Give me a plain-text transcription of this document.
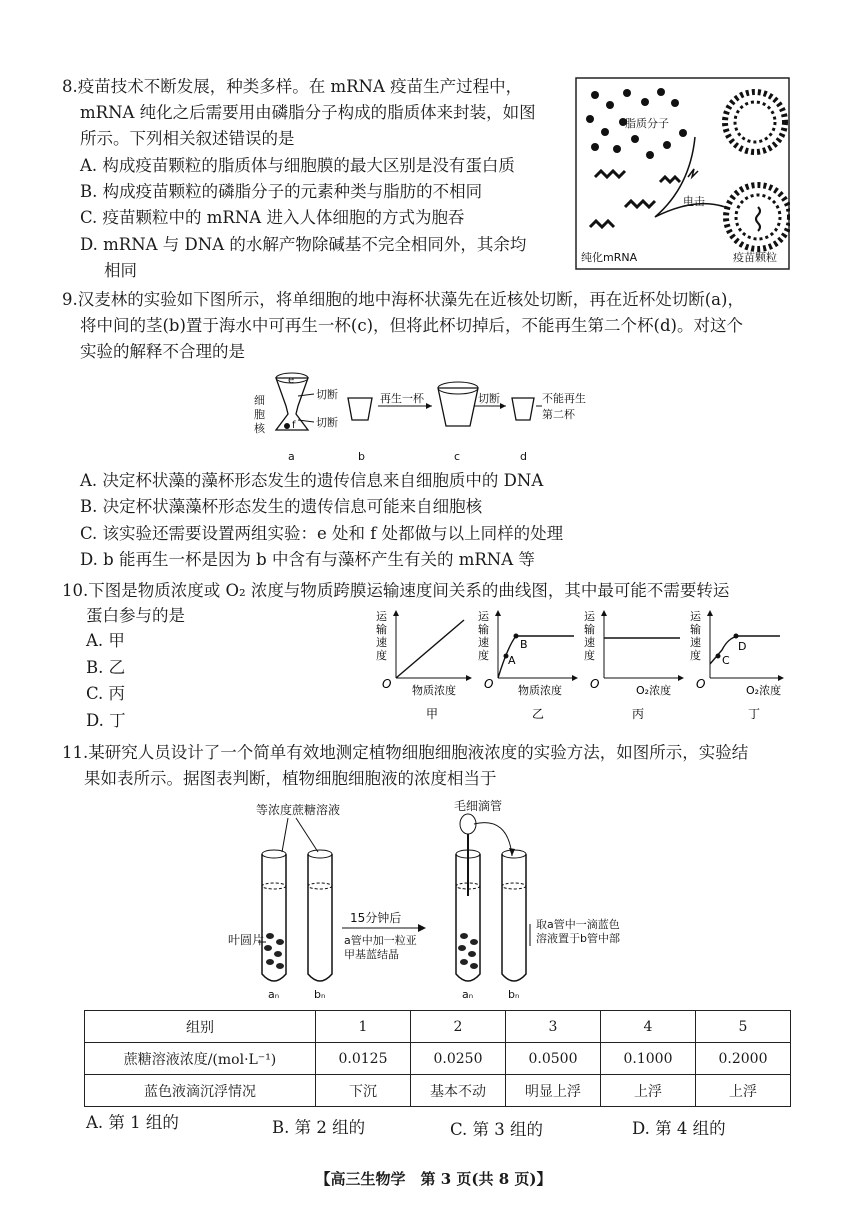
8.疫苗技术不断发展，种类多样。在 mRNA 疫苗生产过程中，
mRNA 纯化之后需要用由磷脂分子构成的脂质体来封装，如图
所示。下列相关叙述错误的是
A. 构成疫苗颗粒的脂质体与细胞膜的最大区别是没有蛋白质
B. 构成疫苗颗粒的磷脂分子的元素种类与脂肪的不相同
C. 疫苗颗粒中的 mRNA 进入人体细胞的方式为胞吞
D. mRNA 与 DNA 的水解产物除碱基不完全相同外，其余均
相同
脂质分子
电击
纯化mRNA	疫苗颗粒
9.汉麦林的实验如下图所示，将单细胞的地中海杯状藻先在近核处切断，再在近杯处切断(a)，
将中间的茎(b)置于海水中可再生一杯(c)，但将此杯切掉后，不能再生第二个杯(d)。对这个
实验的解释不合理的是
细
胞
核
e
f
切断
切断
再生一杯	切断	不能再生
第二杯
a	b	c	d
A. 决定杯状藻的藻杯形态发生的遗传信息来自细胞质中的 DNA
B. 决定杯状藻藻杯形态发生的遗传信息可能来自细胞核
C. 该实验还需要设置两组实验：e 处和 f 处都做与以上同样的处理
D. b 能再生一杯是因为 b 中含有与藻杯产生有关的 mRNA 等
10.下图是物质浓度或 O₂ 浓度与物质跨膜运输速度间关系的曲线图，其中最可能不需要转运
蛋白参与的是
A. 甲
B. 乙
C. 丙
D. 丁
运
输
速
度
O 物质浓度
甲
A
B
运
输
速
度
O 物质浓度
乙
运
输
速
度
O	O₂浓度
丙
C
D
运
输
速
度
O	O₂浓度
丁
11.某研究人员设计了一个简单有效地测定植物细胞细胞液浓度的实验方法，如图所示，实验结
果如表所示。据图表判断，植物细胞细胞液的浓度相当于
等浓度蔗糖溶液
叶圆片
aₙ	bₙ
15分钟后
a管中加一粒亚
甲基蓝结晶
毛细滴管
取a管中一滴蓝色
溶液置于b管中部
aₙ	bₙ
组别	1	2	3	4	5
蔗糖溶液浓度/(mol·L⁻¹)	0.0125	0.0250	0.0500	0.1000	0.2000
蓝色液滴沉浮情况	下沉	基本不动	明显上浮	上浮	上浮
A. 第 1 组的	B. 第 2 组的	C. 第 3 组的	D. 第 4 组的
【高三生物学　第 3 页(共 8 页)】
